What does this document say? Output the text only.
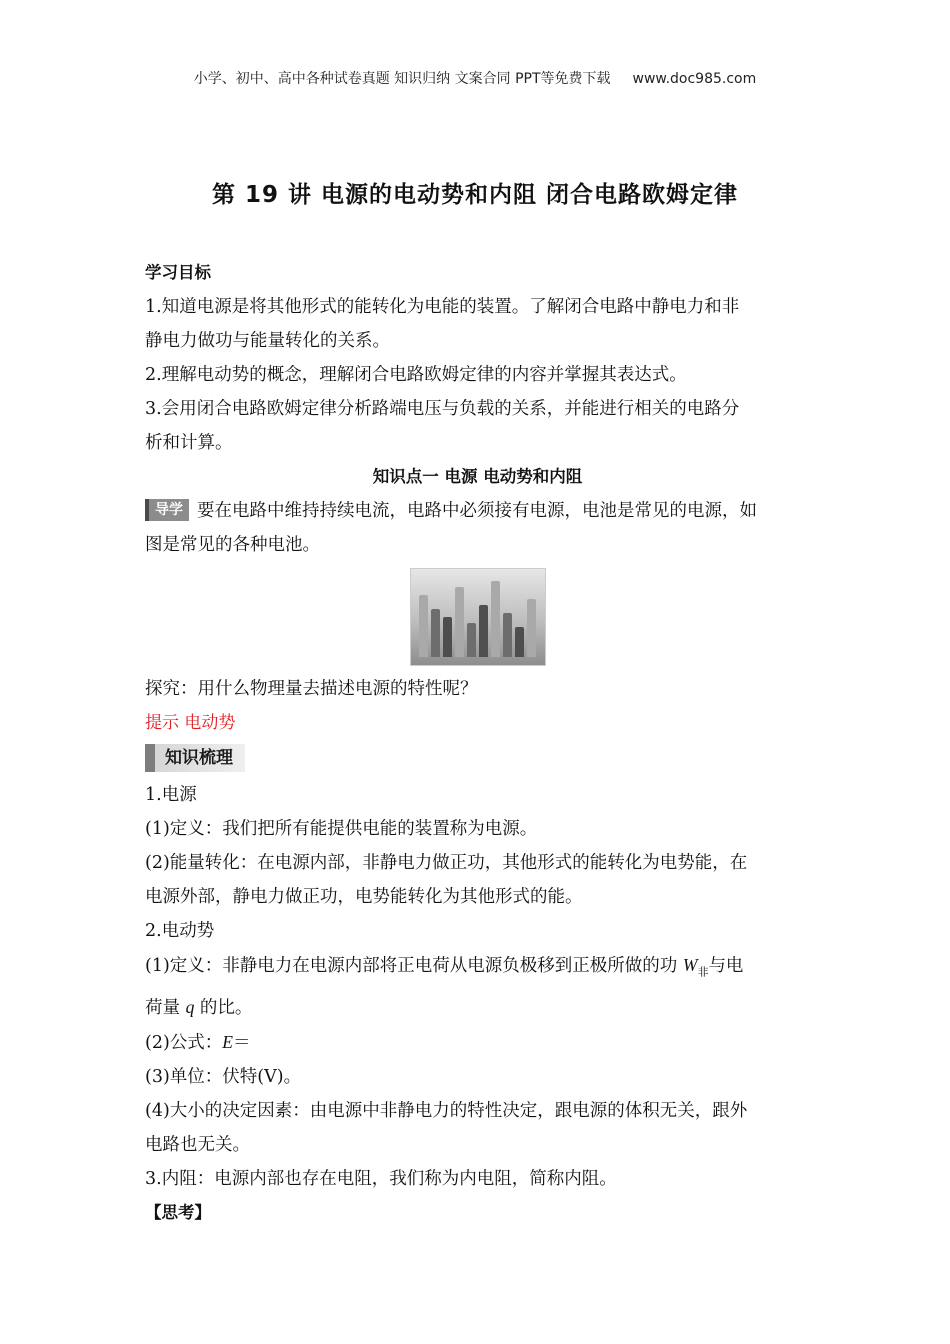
小学、初中、高中各种试卷真题 知识归纳 文案合同 PPT等免费下载 www.doc985.com
第 19 讲 电源的电动势和内阻 闭合电路欧姆定律
学习目标
1.知道电源是将其他形式的能转化为电能的装置。了解闭合电路中静电力和非
静电力做功与能量转化的关系。
2.理解电动势的概念，理解闭合电路欧姆定律的内容并掌握其表达式。
3.会用闭合电路欧姆定律分析路端电压与负载的关系，并能进行相关的电路分
析和计算。
知识点一 电源 电动势和内阻
导学 要在电路中维持持续电流，电路中必须接有电源，电池是常见的电源，如
图是常见的各种电池。
探究：用什么物理量去描述电源的特性呢？
提示 电动势
知识梳理
1.电源
(1)定义：我们把所有能提供电能的装置称为电源。
(2)能量转化：在电源内部，非静电力做正功，其他形式的能转化为电势能，在
电源外部，静电力做正功，电势能转化为其他形式的能。
2.电动势
(1)定义：非静电力在电源内部将正电荷从电源负极移到正极所做的功 $W_非$与电
荷量 q 的比。
(2)公式：E＝
(3)单位：伏特(V)。
(4)大小的决定因素：由电源中非静电力的特性决定，跟电源的体积无关，跟外
电路也无关。
3.内阻：电源内部也存在电阻，我们称为内电阻，简称内阻。
【思考】
